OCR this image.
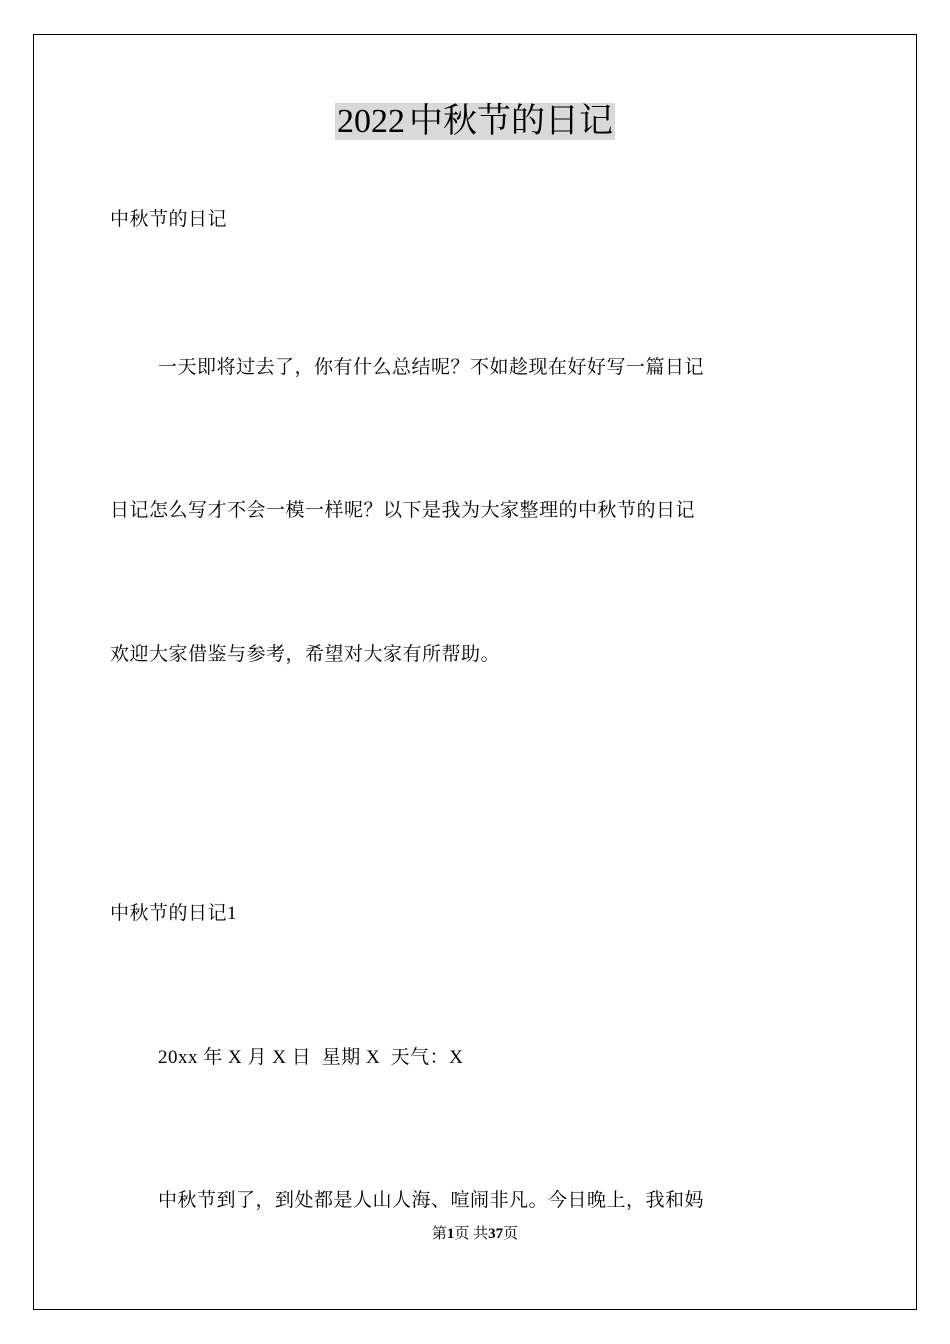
2022 中秋节的日记
中秋节的日记
一天即将过去了，你有什么总结呢？不如趁现在好好写一篇日记
日记怎么写才不会一模一样呢？以下是我为大家整理的中秋节的日记
欢迎大家借鉴与参考，希望对大家有所帮助。
中秋节的日记1
20xx 年 X 月 X 日  星期 X  天气：X
中秋节到了，到处都是人山人海、喧闹非凡。今日晚上，我和妈
第1页 共37页
